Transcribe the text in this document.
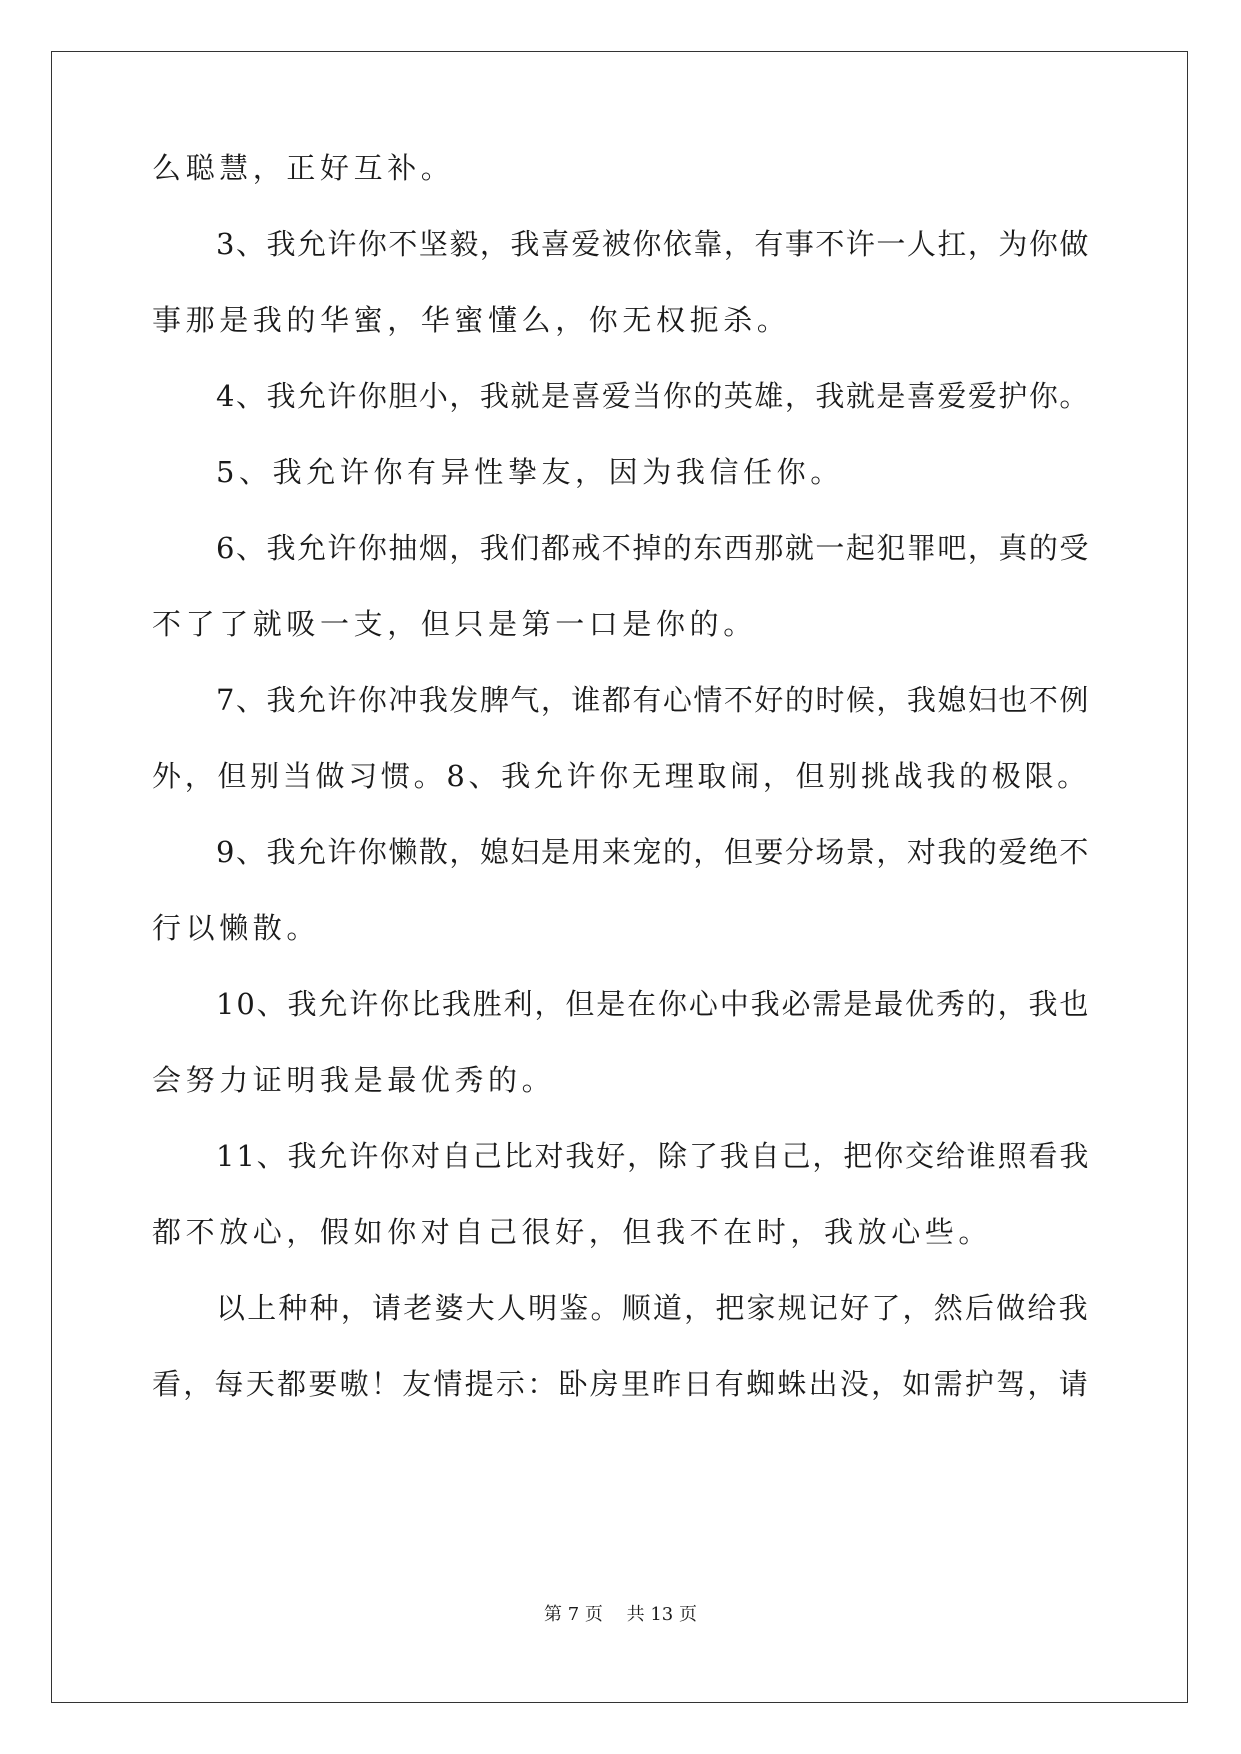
么聪慧，正好互补。
3、我允许你不坚毅，我喜爱被你依靠，有事不许一人扛，为你做
事那是我的华蜜，华蜜懂么，你无权扼杀。
4、我允许你胆小，我就是喜爱当你的英雄，我就是喜爱爱护你。
5、我允许你有异性挚友，因为我信任你。
6、我允许你抽烟，我们都戒不掉的东西那就一起犯罪吧，真的受
不了了就吸一支，但只是第一口是你的。
7、我允许你冲我发脾气，谁都有心情不好的时候，我媳妇也不例
外，但别当做习惯。8、我允许你无理取闹，但别挑战我的极限。
9、我允许你懒散，媳妇是用来宠的，但要分场景，对我的爱绝不
行以懒散。
10、我允许你比我胜利，但是在你心中我必需是最优秀的，我也
会努力证明我是最优秀的。
11、我允许你对自己比对我好，除了我自己，把你交给谁照看我
都不放心，假如你对自己很好，但我不在时，我放心些。
以上种种，请老婆大人明鉴。顺道，把家规记好了，然后做给我
看，每天都要嗷！友情提示：卧房里昨日有蜘蛛出没，如需护驾，请
第 7 页　 共 13 页
